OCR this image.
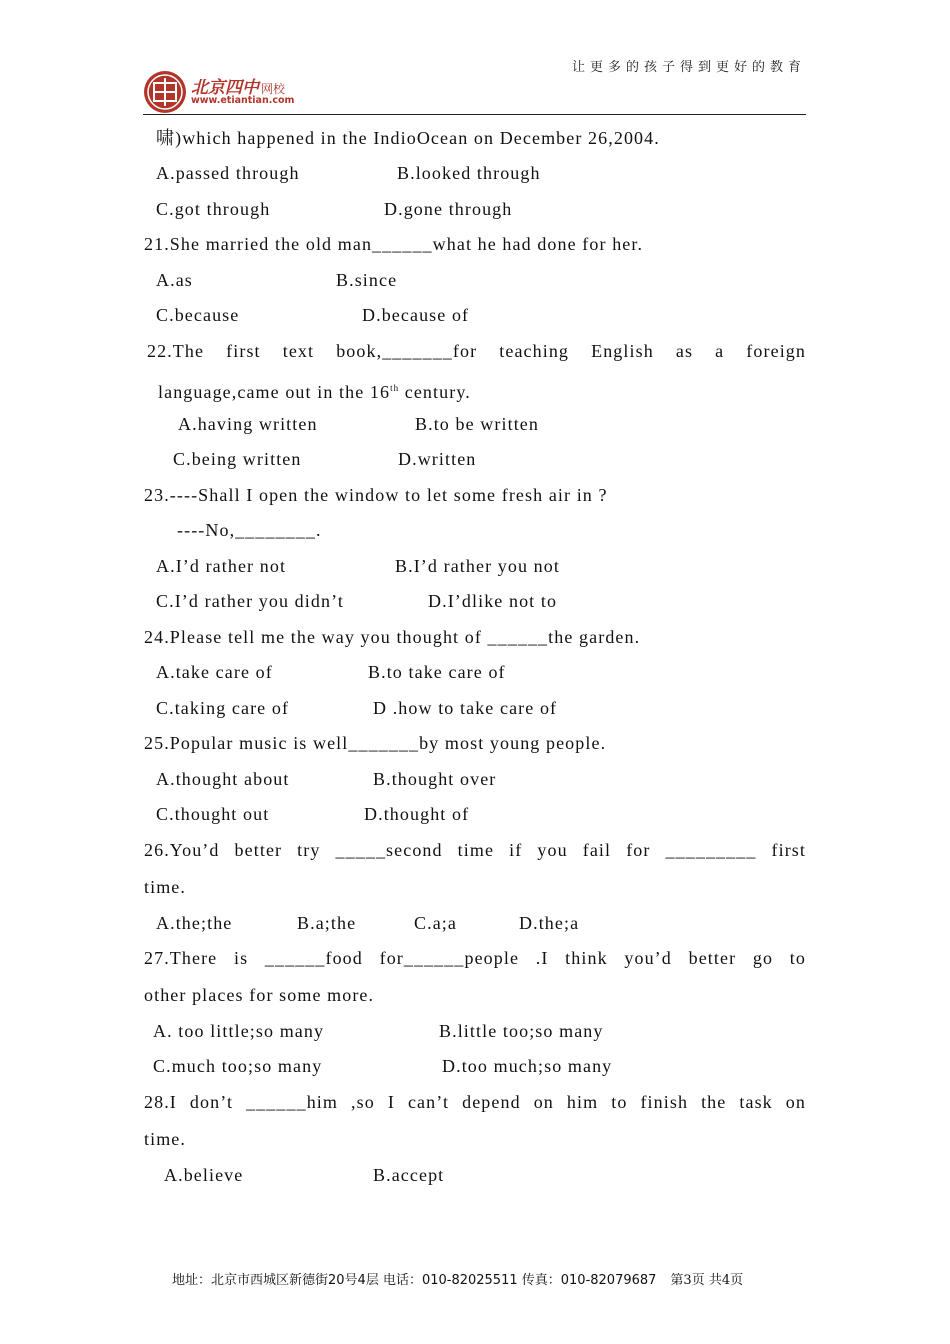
让更多的孩子得到更好的教育
北京四中 网校
www.etiantian.com
啸)which happened in the IndioOcean on December 26,2004.
A.passed through	B.looked through
C.got through	D.gone through
21.She married the old man______what he had done for her.
A.as	B.since
C.because	D.because of
22.The first text book,_______for teaching English as a foreign
language,came out in the 16th century.
A.having written	B.to be written
C.being written	D.written
23.----Shall I open the window to let some fresh air in ?
----No,________.
A.I’d rather not	B.I’d rather you not
C.I’d rather you didn’t	D.I’dlike not to
24.Please tell me the way you thought of ______the garden.
A.take care of	B.to take care of
C.taking care of	D .how to take care of
25.Popular music is well_______by most young people.
A.thought about	B.thought over
C.thought out	D.thought of
26.You’d better try _____second time if you fail for _________ first
time.
A.the;the	B.a;the	C.a;a	D.the;a
27.There is ______food for______people .I think you’d better go to
other places for some more.
A. too little;so many	B.little too;so many
C.much too;so many	D.too much;so many
28.I don’t ______him ,so I can’t depend on him to finish the task on
time.
A.believe	B.accept
地址：北京市西城区新德街20号4层 电话：010-82025511 传真：010-82079687 第3页 共4页
